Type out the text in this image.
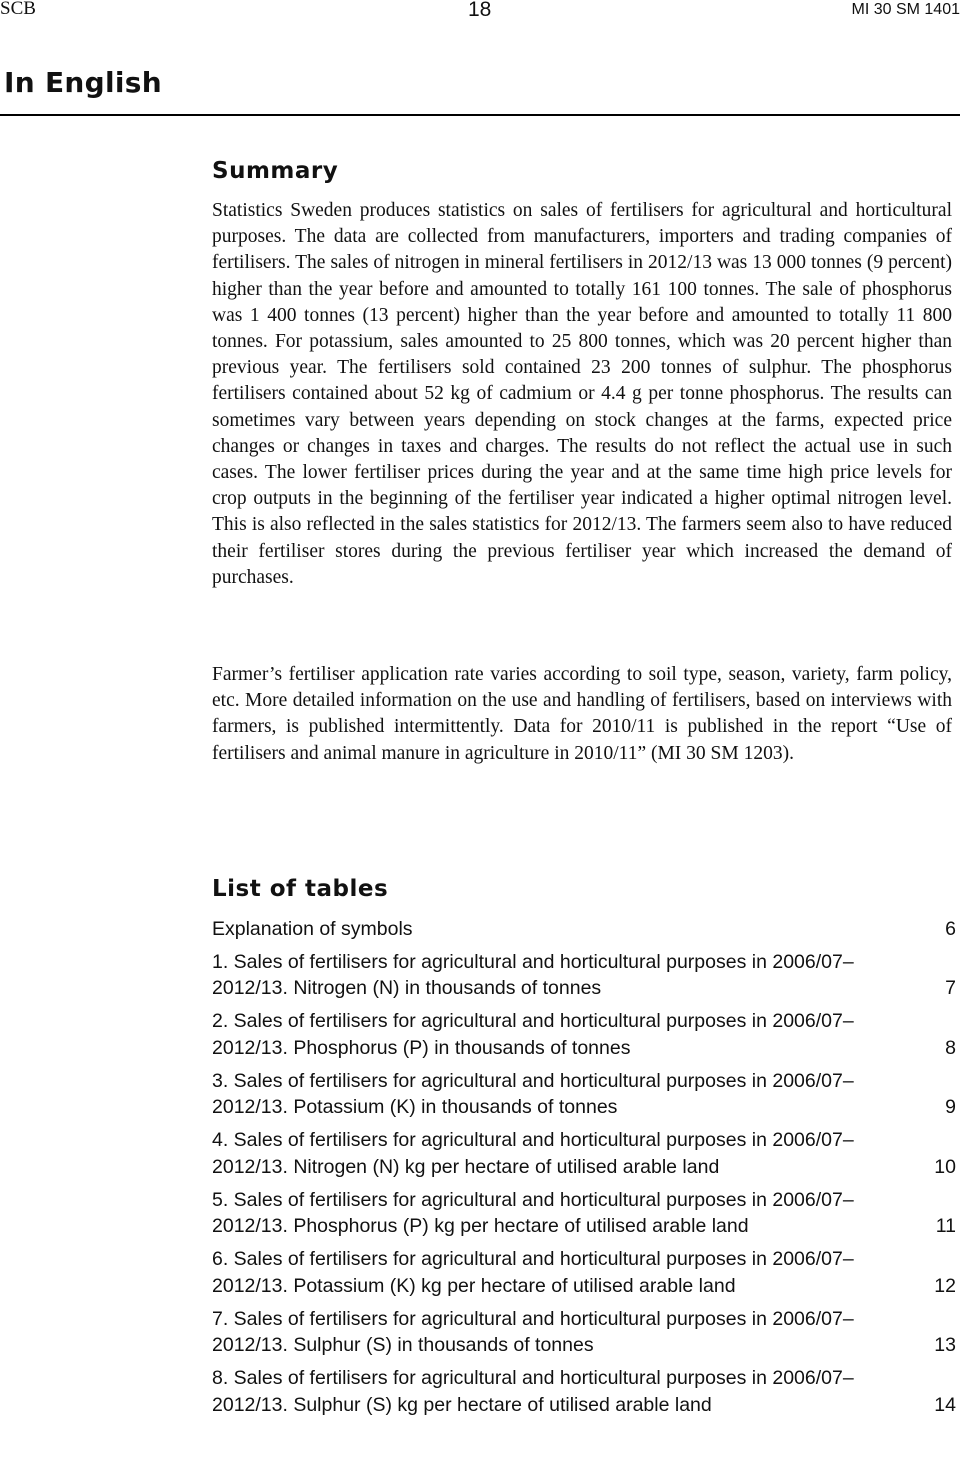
SCB	18	MI 30 SM 1401
In English
Summary

Statistics Sweden produces statistics on sales of fertilisers for agricultural and horticultural purposes. The data are collected from manufacturers, importers and trading companies of fertilisers. The sales of nitrogen in mineral fertilisers in 2012/13 was 13 000 tonnes (9 percent) higher than the year before and amounted to totally 161 100 tonnes. The sale of phosphorus was 1 400 tonnes (13 percent) higher than the year before and amounted to totally 11 800 tonnes. For potassium, sales amounted to 25 800 tonnes, which was 20 percent higher than previous year. The fertilisers sold contained 23 200 tonnes of sulphur. The phosphorus fertilisers contained about 52 kg of cadmium or 4.4 g per tonne phosphorus. The results can sometimes vary between years depending on stock changes at the farms, expected price changes or changes in taxes and charges. The results do not reflect the actual use in such cases. The lower fertiliser prices during the year and at the same time high price levels for crop outputs in the beginning of the fertiliser year indicated a higher optimal nitrogen level. This is also reflected in the sales statistics for 2012/13. The farmers seem also to have reduced their fertiliser stores during the previous fertiliser year which increased the demand of purchases.

Farmer’s fertiliser application rate varies according to soil type, season, variety, farm policy, etc. More detailed information on the use and handling of fertilisers, based on interviews with farmers, is published intermittently. Data for 2010/11 is published in the report “Use of fertilisers and animal manure in agriculture in 2010/11” (MI 30 SM 1203).

List of tables
Explanation of symbols	6
1. Sales of fertilisers for agricultural and horticultural purposes in 2006/07–2012/13. Nitrogen (N) in thousands of tonnes	7
2. Sales of fertilisers for agricultural and horticultural purposes in 2006/07–2012/13. Phosphorus (P) in thousands of tonnes	8
3. Sales of fertilisers for agricultural and horticultural purposes in 2006/07–2012/13. Potassium (K) in thousands of tonnes	9
4. Sales of fertilisers for agricultural and horticultural purposes in 2006/07–2012/13. Nitrogen (N) kg per hectare of utilised arable land	10
5. Sales of fertilisers for agricultural and horticultural purposes in 2006/07–2012/13. Phosphorus (P) kg per hectare of utilised arable land	11
6. Sales of fertilisers for agricultural and horticultural purposes in 2006/07–2012/13. Potassium (K) kg per hectare of utilised arable land	12
7. Sales of fertilisers for agricultural and horticultural purposes in 2006/07–2012/13. Sulphur (S) in thousands of tonnes	13
8. Sales of fertilisers for agricultural and horticultural purposes in 2006/07–2012/13. Sulphur (S) kg per hectare of utilised arable land	14
